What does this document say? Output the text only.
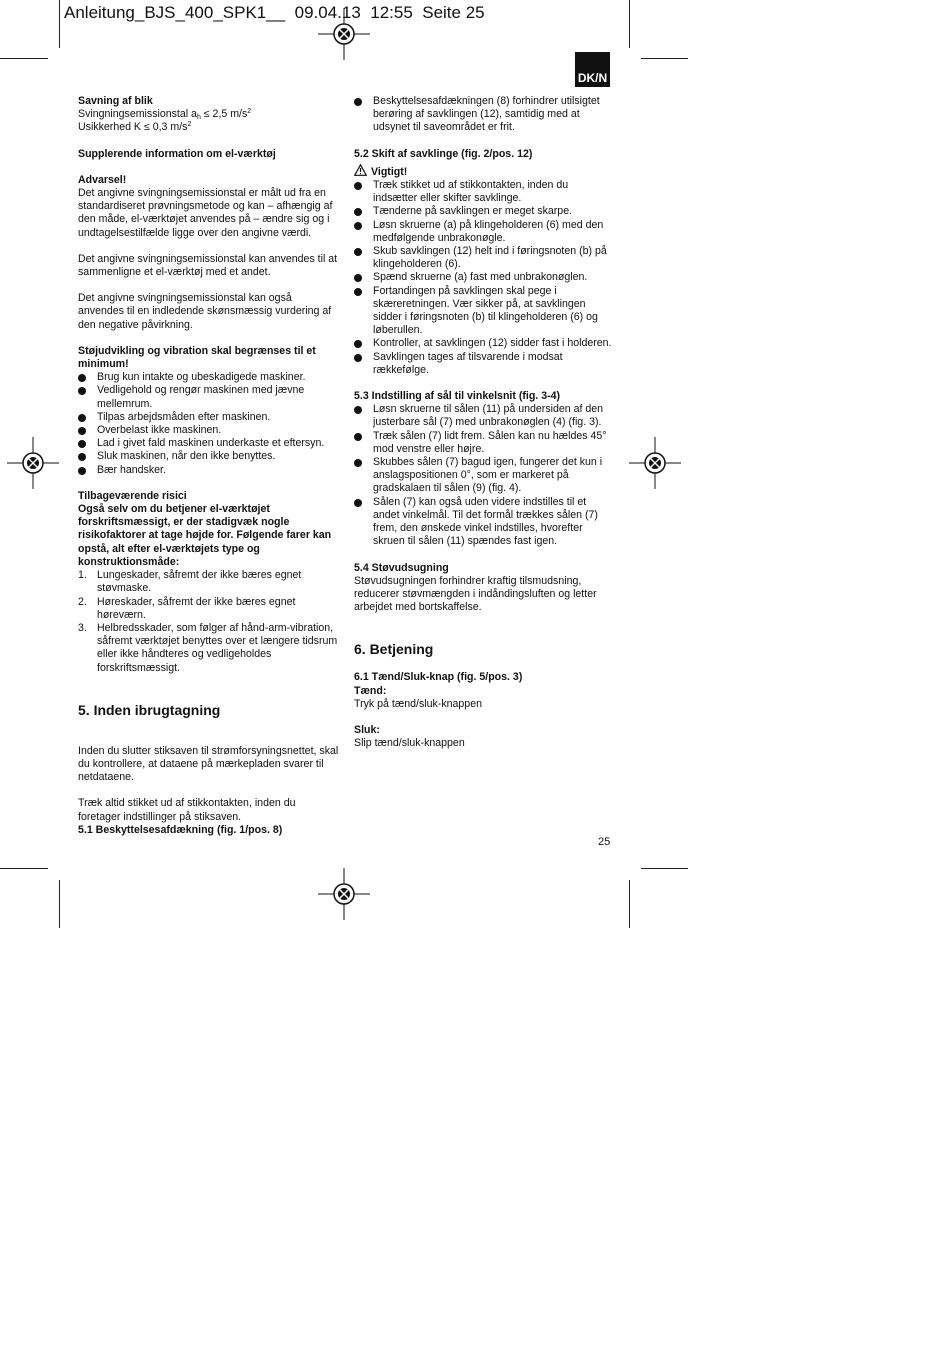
Anleitung_BJS_400_SPK1__  09.04.13  12:55  Seite 25
DK/N

Savning af blik

Svingningsemissionstal $a_h \le 2,5$ $m/s^2$

Usikkerhed K ≤ 0,3 $m/s^2$

Supplerende information om el-værktøj

Advarsel!

Det angivne svingningsemissionstal er målt ud fra en standardiseret prøvningsmetode og kan – afhængig af den måde, el-værktøjet anvendes på – ændre sig og i undtagelsestilfælde ligge over den angivne værdi.

Det angivne svingningsemissionstal kan anvendes til at sammenligne et el-værktøj med et andet.

Det angivne svingningsemissionstal kan også anvendes til en indledende skønsmæssig vurdering af den negative påvirkning.

Støjudvikling og vibration skal begrænses til et minimum!

Brug kun intakte og ubeskadigede maskiner.
Vedligehold og rengør maskinen med jævne mellemrum.
Tilpas arbejdsmåden efter maskinen.
Overbelast ikke maskinen.
Lad i givet fald maskinen underkaste et eftersyn.
Sluk maskinen, når den ikke benyttes.
Bær handsker.

Tilbageværende risici

Også selv om du betjener el-værktøjet forskriftsmæssigt, er der stadigvæk nogle risikofaktorer at tage højde for. Følgende farer kan opstå, alt efter el-værktøjets type og konstruktionsmåde:

1. Lungeskader, såfremt der ikke bæres egnet støvmaske.
2. Høreskader, såfremt der ikke bæres egnet høreværn.
3. Helbredsskader, som følger af hånd-arm-vibration, såfremt værktøjet benyttes over et længere tidsrum eller ikke håndteres og vedligeholdes forskriftsmæssigt.

5. Inden ibrugtagning

Inden du slutter stiksaven til strømforsyningsnettet, skal du kontrollere, at dataene på mærkepladen svarer til netdataene.

Træk altid stikket ud af stikkontakten, inden du foretager indstillinger på stiksaven.

5.1 Beskyttelsesafdækning (fig. 1/pos. 8)

Beskyttelsesafdækningen (8) forhindrer utilsigtet berøring af savklingen (12), samtidig med at udsynet til saveområdet er frit.

5.2 Skift af savklinge (fig. 2/pos. 12)

Vigtigt!

Træk stikket ud af stikkontakten, inden du indsætter eller skifter savklinge.
Tænderne på savklingen er meget skarpe.
Løsn skruerne (a) på klingeholderen (6) med den medfølgende unbrakonøgle.
Skub savklingen (12) helt ind i føringsnoten (b) på klingeholderen (6).
Spænd skruerne (a) fast med unbrakonøglen.
Fortandingen på savklingen skal pege i skæreretningen. Vær sikker på, at savklingen sidder i føringsnoten (b) til klingeholderen (6) og løberullen.
Kontroller, at savklingen (12) sidder fast i holderen.
Savklingen tages af tilsvarende i modsat rækkefølge.

5.3 Indstilling af sål til vinkelsnit (fig. 3-4)

Løsn skruerne til sålen (11) på undersiden af den justerbare sål (7) med unbrakonøglen (4) (fig. 3).
Træk sålen (7) lidt frem. Sålen kan nu hældes 45° mod venstre eller højre.
Skubbes sålen (7) bagud igen, fungerer det kun i anslagspositionen 0°, som er markeret på gradskalaen til sålen (9) (fig. 4).
Sålen (7) kan også uden videre indstilles til et andet vinkelmål. Til det formål trækkes sålen (7) frem, den ønskede vinkel indstilles, hvorefter skruen til sålen (11) spændes fast igen.

5.4 Støvudsugning

Støvudsugningen forhindrer kraftig tilsmudsning, reducerer støvmængden i indåndingsluften og letter arbejdet med bortskaffelse.

6. Betjening

6.1 Tænd/Sluk-knap (fig. 5/pos. 3)

Tænd:

Tryk på tænd/sluk-knappen

Sluk:

Slip tænd/sluk-knappen

25
